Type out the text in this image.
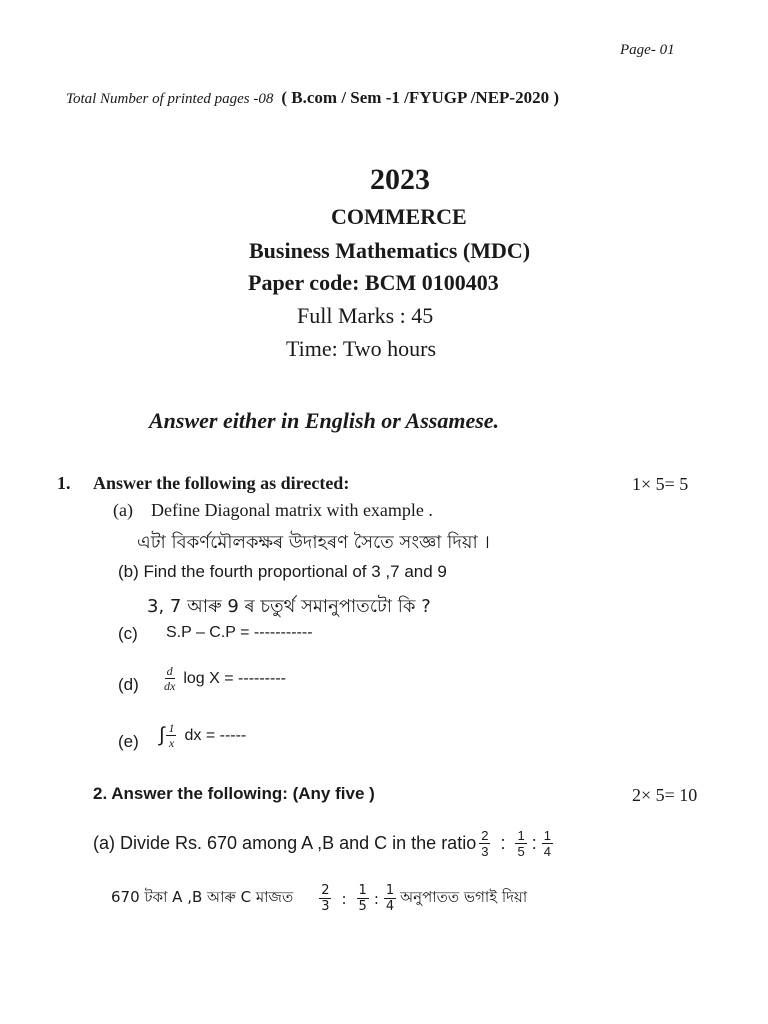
Page- 01
Total Number of printed pages -08 ( B.com / Sem -1 /FYUGP /NEP-2020 )
2023
COMMERCE
Business Mathematics (MDC)
Paper code: BCM 0100403
Full Marks : 45
Time: Two hours
Answer either in English or Assamese.
1. Answer the following as directed:	1× 5= 5
(a) Define Diagonal matrix with example .
এটা বিকর্ণমৌলকক্ষৰ উদাহৰণ সৈতে সংজ্ঞা দিয়া ।
(b) Find the fourth proportional of 3 ,7 and 9
3, 7 আৰু 9 ৰ চতুৰ্থ সমানুপাতটো কি ?
(c) S.P – C.P = -----------
$(d) \frac{d}{dx}$ log X = ---------
(e) ∫ $\frac{1}{x}$ dx = -----
2. Answer the following: (Any five )	2× 5= 10
(a) Divide Rs. 670 among A ,B and C in the ratio $\frac{2}{3}$ : $\frac{1}{5}$ : $\frac{1}{4}$
670 টকা A ,B আৰু C মাজত $\frac{2}{3}$ : $\frac{1}{5}$ : $\frac{1}{4}$ অনুপাতত ভগাই দিয়া
